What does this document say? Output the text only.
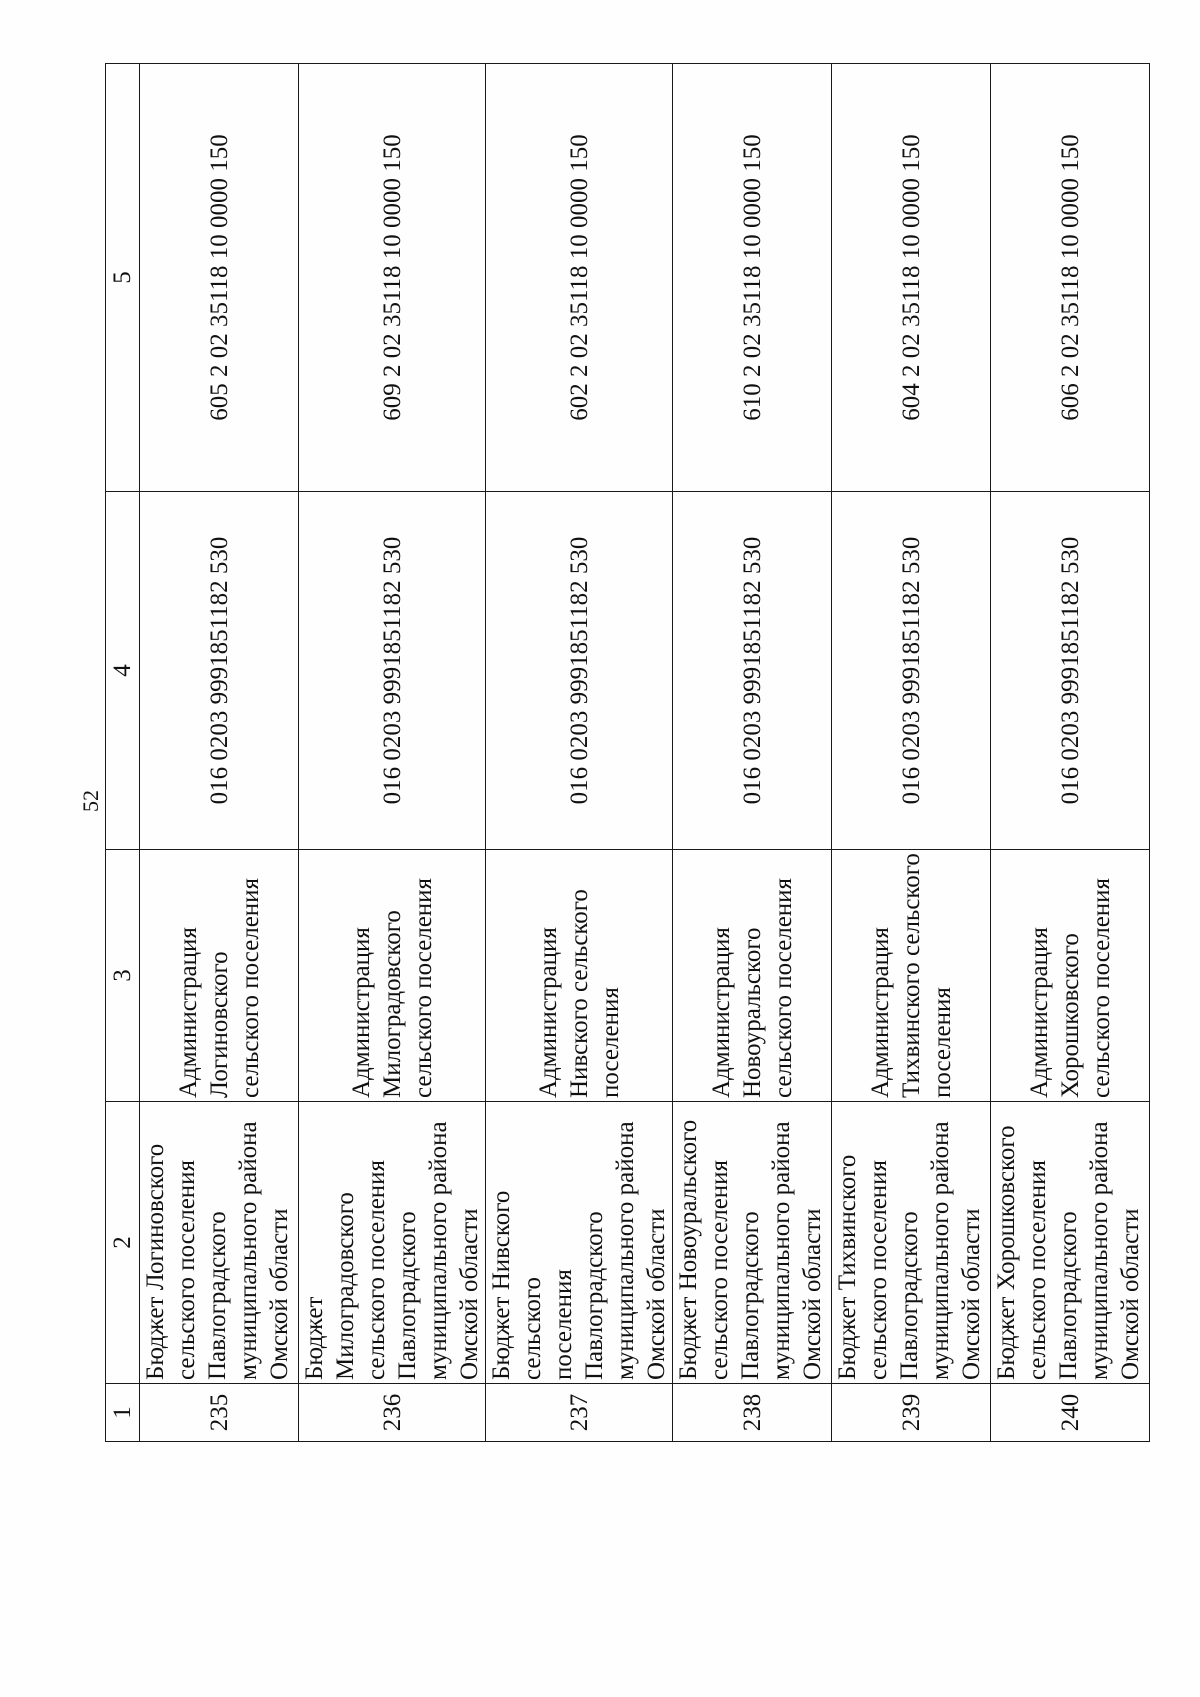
52
1	2	3	4	5
235	Бюджет Логиновского
сельского поселения
Павлоградского
муниципального района
Омской области	Администрация
Логиновского
сельского поселения	016 0203 9991851182 530	605 2 02 35118 10 0000 150
236	Бюджет Милоградовского
сельского поселения
Павлоградского
муниципального района
Омской области	Администрация
Милоградовского
сельского поселения	016 0203 9991851182 530	609 2 02 35118 10 0000 150
237	Бюджет Нивского сельского
поселения Павлоградского
муниципального района
Омской области	Администрация
Нивского сельского
поселения	016 0203 9991851182 530	602 2 02 35118 10 0000 150
238	Бюджет Новоуральского
сельского поселения
Павлоградского
муниципального района
Омской области	Администрация
Новоуральского
сельского поселения	016 0203 9991851182 530	610 2 02 35118 10 0000 150
239	Бюджет Тихвинского
сельского поселения
Павлоградского
муниципального района
Омской области	Администрация
Тихвинского сельского
поселения	016 0203 9991851182 530	604 2 02 35118 10 0000 150
240	Бюджет Хорошковского
сельского поселения
Павлоградского
муниципального района
Омской области	Администрация
Хорошковского
сельского поселения	016 0203 9991851182 530	606 2 02 35118 10 0000 150
